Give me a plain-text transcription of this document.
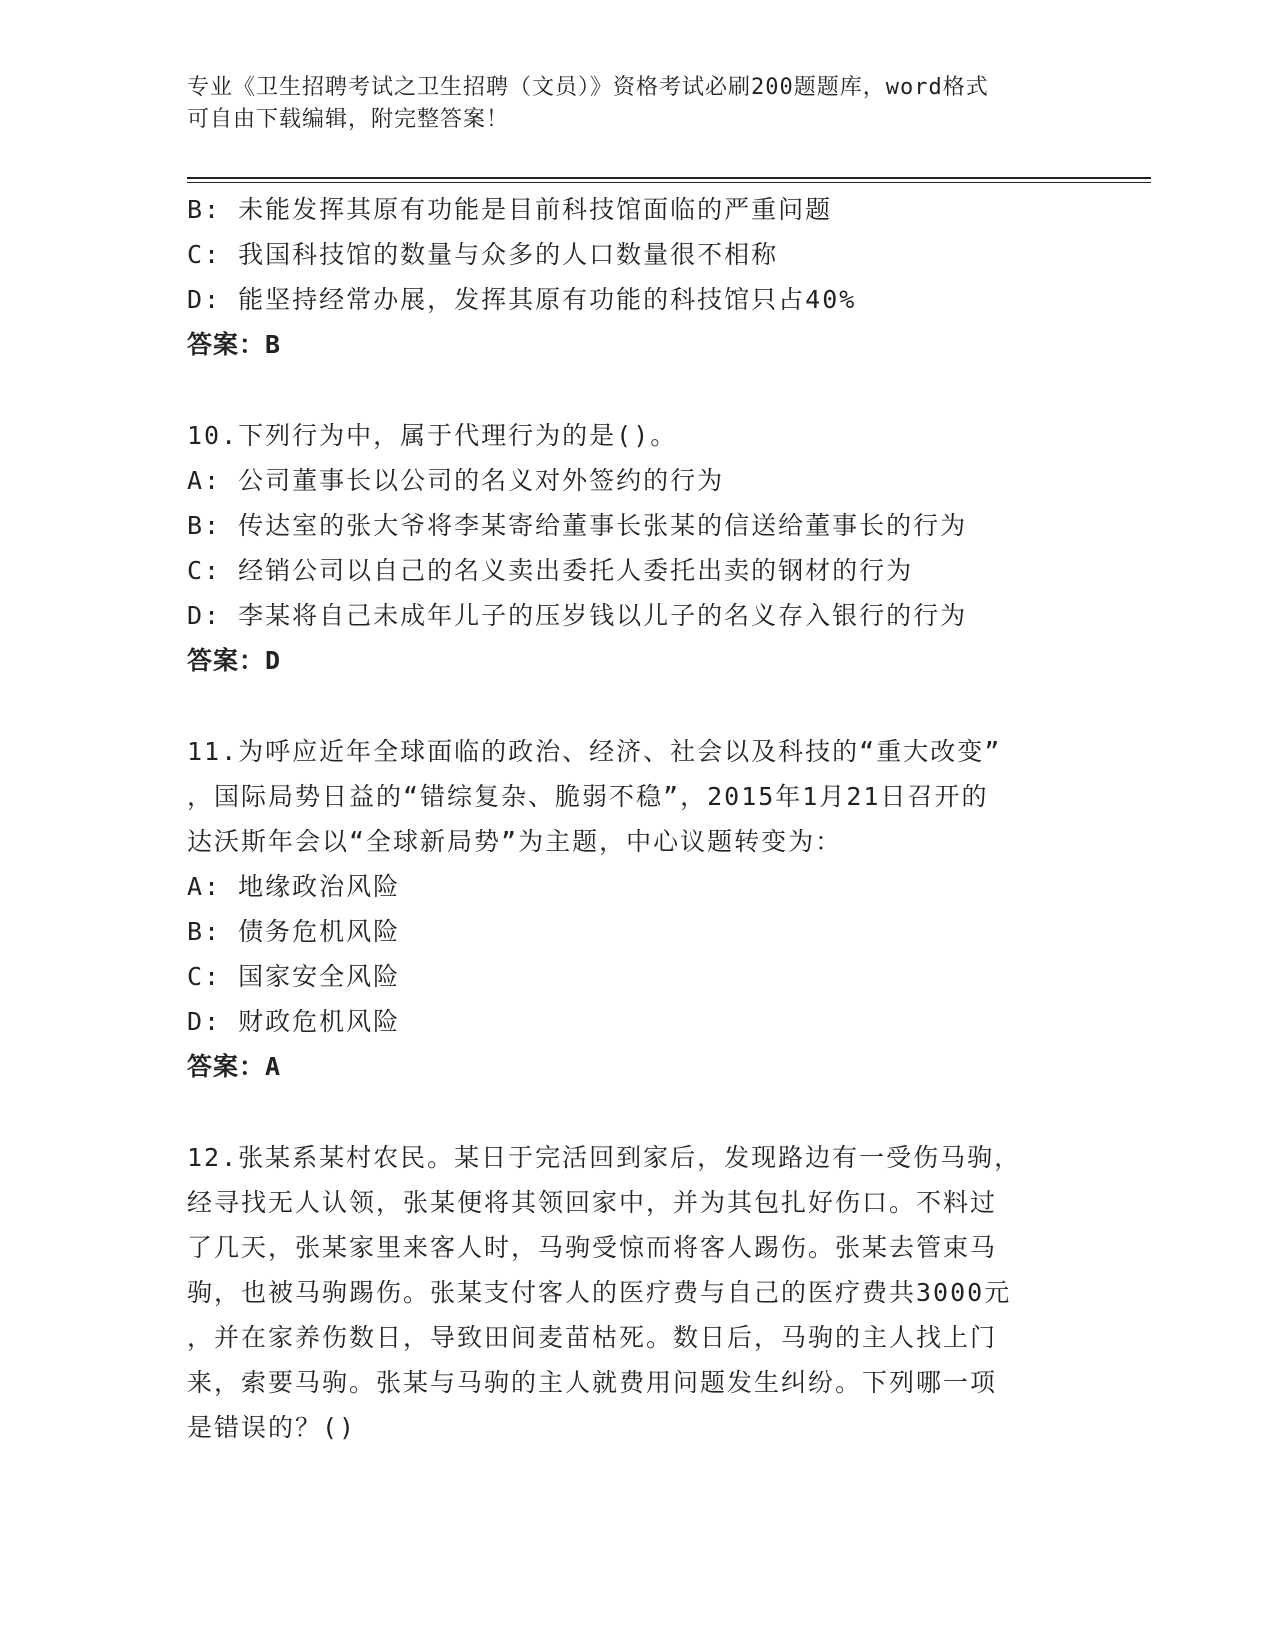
专业《卫生招聘考试之卫生招聘（文员）》资格考试必刷200题题库，word格式
可自由下载编辑，附完整答案！
B: 未能发挥其原有功能是目前科技馆面临的严重问题
C: 我国科技馆的数量与众多的人口数量很不相称
D: 能坚持经常办展，发挥其原有功能的科技馆只占40%
答案：B
10.下列行为中，属于代理行为的是()。
A: 公司董事长以公司的名义对外签约的行为
B: 传达室的张大爷将李某寄给董事长张某的信送给董事长的行为
C: 经销公司以自己的名义卖出委托人委托出卖的钢材的行为
D: 李某将自己未成年儿子的压岁钱以儿子的名义存入银行的行为
答案：D
11.为呼应近年全球面临的政治、经济、社会以及科技的“重大改变”
，国际局势日益的“错综复杂、脆弱不稳”，2015年1月21日召开的
达沃斯年会以“全球新局势”为主题，中心议题转变为：
A: 地缘政治风险
B: 债务危机风险
C: 国家安全风险
D: 财政危机风险
答案：A
12.张某系某村农民。某日于完活回到家后，发现路边有一受伤马驹，
经寻找无人认领，张某便将其领回家中，并为其包扎好伤口。不料过
了几天，张某家里来客人时，马驹受惊而将客人踢伤。张某去管束马
驹，也被马驹踢伤。张某支付客人的医疗费与自己的医疗费共3000元
，并在家养伤数日，导致田间麦苗枯死。数日后，马驹的主人找上门
来，索要马驹。张某与马驹的主人就费用问题发生纠纷。下列哪一项
是错误的？()
